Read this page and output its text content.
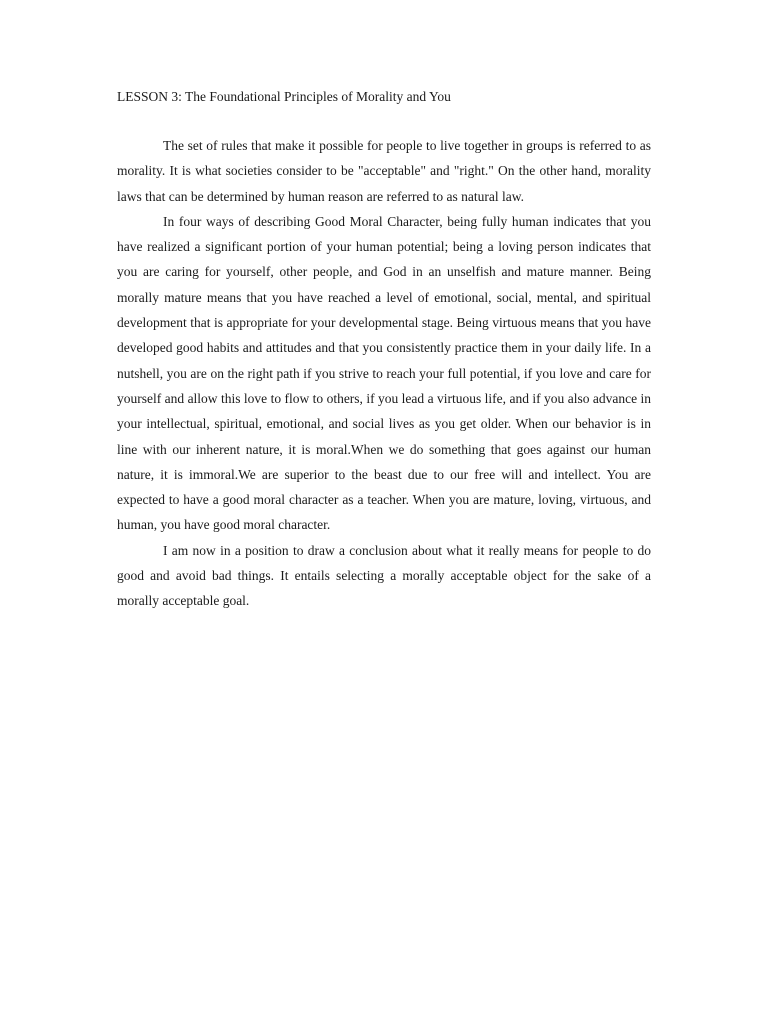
LESSON 3: The Foundational Principles of Morality and You

The set of rules that make it possible for people to live together in groups is referred to as morality. It is what societies consider to be "acceptable" and "right." On the other hand, morality laws that can be determined by human reason are referred to as natural law.

In four ways of describing Good Moral Character, being fully human indicates that you have realized a significant portion of your human potential; being a loving person indicates that you are caring for yourself, other people, and God in an unselfish and mature manner. Being morally mature means that you have reached a level of emotional, social, mental, and spiritual development that is appropriate for your developmental stage. Being virtuous means that you have developed good habits and attitudes and that you consistently practice them in your daily life. In a nutshell, you are on the right path if you strive to reach your full potential, if you love and care for yourself and allow this love to flow to others, if you lead a virtuous life, and if you also advance in your intellectual, spiritual, emotional, and social lives as you get older. When our behavior is in line with our inherent nature, it is moral.When we do something that goes against our human nature, it is immoral.We are superior to the beast due to our free will and intellect. You are expected to have a good moral character as a teacher. When you are mature, loving, virtuous, and human, you have good moral character.

I am now in a position to draw a conclusion about what it really means for people to do good and avoid bad things. It entails selecting a morally acceptable object for the sake of a morally acceptable goal.
